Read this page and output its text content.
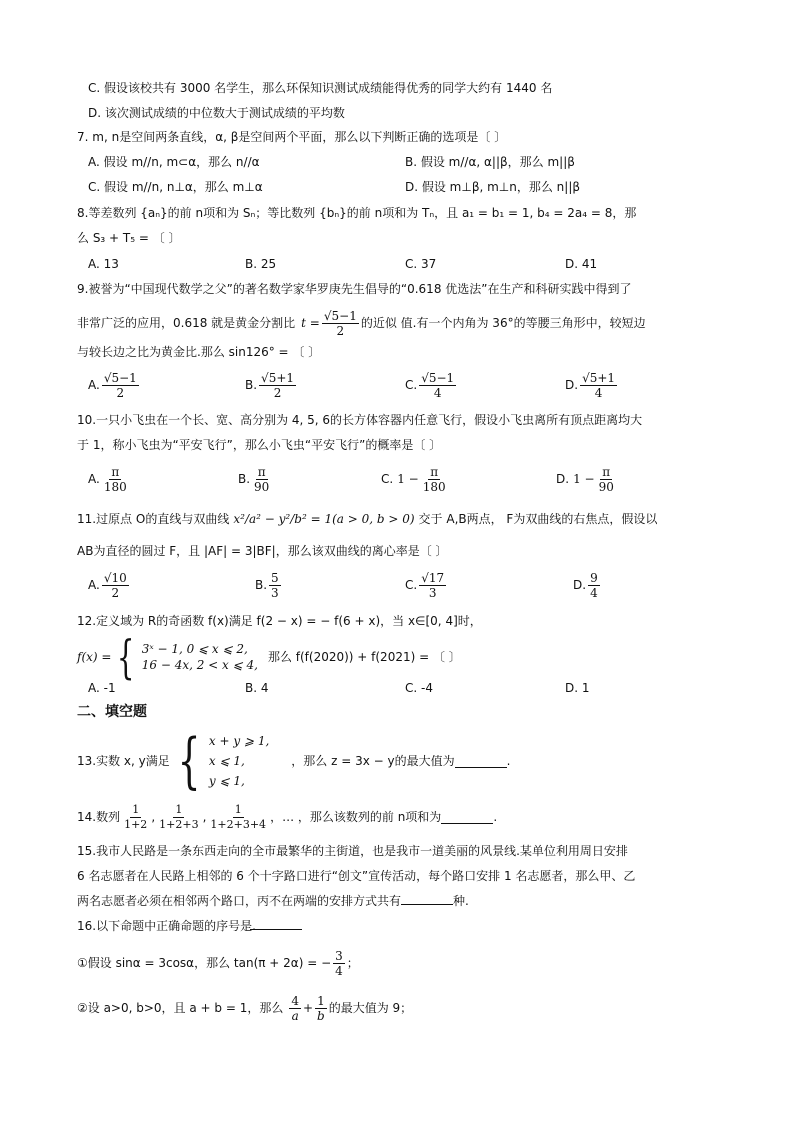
C. 假设该校共有 3000 名学生，那么环保知识测试成绩能得优秀的同学大约有 1440 名
D. 该次测试成绩的中位数大于测试成绩的平均数
7. m, n是空间两条直线，α, β是空间两个平面，那么以下判断正确的选项是〔 〕
A. 假设 m//n, m⊂α，那么 n//α	B. 假设 m//α, α||β，那么 m||β
C. 假设 m//n, n⊥α，那么 m⊥α	D. 假设 m⊥β, m⊥n，那么 n||β
8.等差数列 {aₙ}的前 n项和为 Sₙ；等比数列 {bₙ}的前 n项和为 Tₙ，且 a₁ = b₁ = 1, b₄ = 2a₄ = 8，那
么 S₃ + T₅ = 〔 〕
A. 13	B. 25	C. 37	D. 41
9.被誉为“中国现代数学之父”的著名数学家华罗庚先生倡导的“0.618 优选法”在生产和科研实践中得到了
非常广泛的应用，0.618 就是黄金分割比 $t = \frac{√5-1}{2}$ 的近似 值.有一个内角为 36°的等腰三角形中，较短边
与较长边之比为黄金比.那么 sin126° = 〔 〕
A. $\frac{√5-1}{2}$	B. $\frac{√5+1}{2}$	C. $\frac{√5-1}{4}$	D. $\frac{√5+1}{4}$
10.一只小飞虫在一个长、宽、高分别为 4, 5, 6的长方体容器内任意飞行，假设小飞虫离所有顶点距离均大
于 1，称小飞虫为“平安飞行”，那么小飞虫“平安飞行”的概率是〔 〕
A. $\frac{\pi}{180}$	B. $\frac{\pi}{90}$	C. $1 - \frac{\pi}{180}$	D. $1 - \frac{\pi}{90}$
11.过原点 O的直线与双曲线 x²/a² − y²/b² = 1(a > 0, b > 0) 交于 A,B两点， F为双曲线的右焦点，假设以
AB为直径的圆过 F，且 |AF| = 3|BF|，那么该双曲线的离心率是〔 〕
A. $\frac{√10}{2}$	B. $\frac{5}{3}$	C. $\frac{√17}{3}$	D. $\frac{9}{4}$
12.定义域为 R的奇函数 f(x)满足 f(2 − x) = − f(6 + x)，当 x∈[0, 4]时，
f(x) = { 3ˣ − 1, 0 ⩽ x ⩽ 2,
16 − 4x, 2 < x ⩽ 4,
那么 f(f(2020)) + f(2021) = 〔 〕
A. -1	B. 4	C. -4	D. 1
二、填空题
13.实数 x, y满足 { x + y ⩾ 1,
x ⩽ 1,
y ⩽ 1,
，那么 z = 3x − y的最大值为	.
14.数列 $\frac{1}{1+2}$ , $\frac{1}{1+2+3}$ , $\frac{1}{1+2+3+4}$ ，… ，那么该数列的前 n项和为	.
15.我市人民路是一条东西走向的全市最繁华的主街道，也是我市一道美丽的风景线.某单位利用周日安排
6 名志愿者在人民路上相邻的 6 个十字路口进行“创文”宣传活动，每个路口安排 1 名志愿者，那么甲、乙
两名志愿者必须在相邻两个路口，丙不在两端的安排方式共有	种.
16.以下命题中正确命题的序号是.
①假设 sinα = 3cosα，那么 tan(π + 2α) = − $\frac{3}{4}$ ；
②设 a>0, b>0，且 a + b = 1，那么 $\frac{4}{a} + \frac{1}{b}$ 的最大值为 9；
